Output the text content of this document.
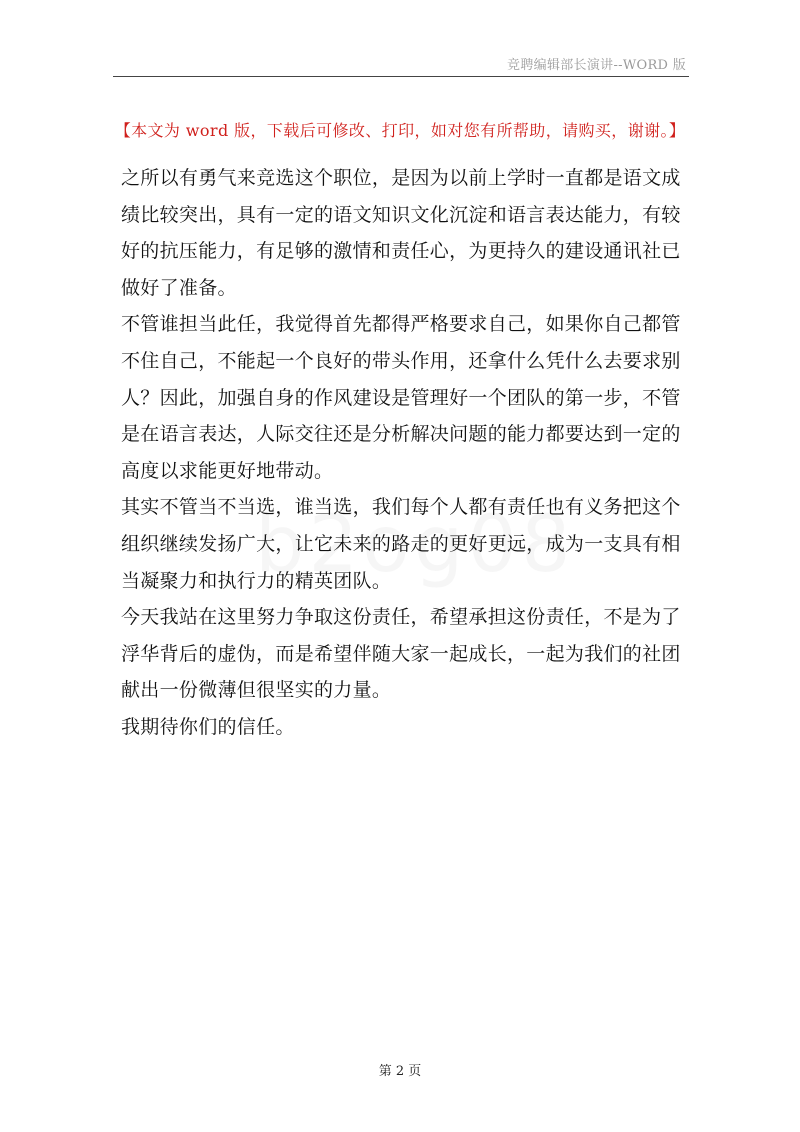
竞聘编辑部长演讲--WORD 版
【本文为 word 版，下载后可修改、打印，如对您有所帮助，请购买，谢谢。】

之所以有勇气来竞选这个职位，是因为以前上学时一直都是语文成绩比较突出，具有一定的语文知识文化沉淀和语言表达能力，有较好的抗压能力，有足够的激情和责任心，为更持久的建设通讯社已做好了准备。

不管谁担当此任，我觉得首先都得严格要求自己，如果你自己都管不住自己，不能起一个良好的带头作用，还拿什么凭什么去要求别人？因此，加强自身的作风建设是管理好一个团队的第一步，不管是在语言表达，人际交往还是分析解决问题的能力都要达到一定的高度以求能更好地带动。

其实不管当不当选，谁当选，我们每个人都有责任也有义务把这个组织继续发扬广大，让它未来的路走的更好更远，成为一支具有相当凝聚力和执行力的精英团队。

今天我站在这里努力争取这份责任，希望承担这份责任，不是为了浮华背后的虚伪，而是希望伴随大家一起成长，一起为我们的社团献出一份微薄但很坚实的力量。

我期待你们的信任。

第 2 页
